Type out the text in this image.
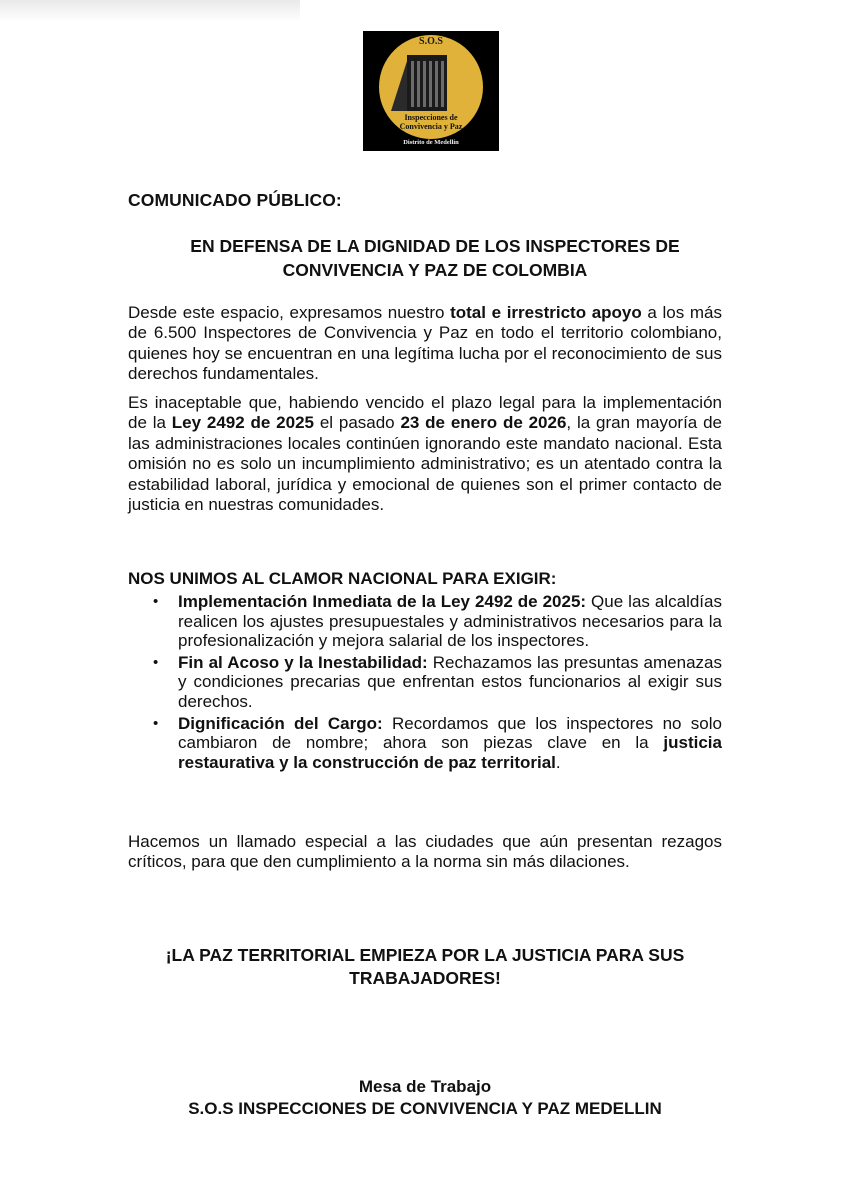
S.O.S
Inspecciones de
Convivencia y Paz
Distrito de Medellín
COMUNICADO PÚBLICO:
EN DEFENSA DE LA DIGNIDAD DE LOS INSPECTORES DE
CONVIVENCIA Y PAZ DE COLOMBIA
Desde este espacio, expresamos nuestro total e irrestricto apoyo a los más de 6.500 Inspectores de Convivencia y Paz en todo el territorio colombiano, quienes hoy se encuentran en una legítima lucha por el reconocimiento de sus derechos fundamentales.
Es inaceptable que, habiendo vencido el plazo legal para la implementación de la Ley 2492 de 2025 el pasado 23 de enero de 2026, la gran mayoría de las administraciones locales continúen ignorando este mandato nacional. Esta omisión no es solo un incumplimiento administrativo; es un atentado contra la estabilidad laboral, jurídica y emocional de quienes son el primer contacto de justicia en nuestras comunidades.
NOS UNIMOS AL CLAMOR NACIONAL PARA EXIGIR:
• Implementación Inmediata de la Ley 2492 de 2025: Que las alcaldías realicen los ajustes presupuestales y administrativos necesarios para la profesionalización y mejora salarial de los inspectores.
• Fin al Acoso y la Inestabilidad: Rechazamos las presuntas amenazas y condiciones precarias que enfrentan estos funcionarios al exigir sus derechos.
• Dignificación del Cargo: Recordamos que los inspectores no solo cambiaron de nombre; ahora son piezas clave en la justicia restaurativa y la construcción de paz territorial.
Hacemos un llamado especial a las ciudades que aún presentan rezagos críticos, para que den cumplimiento a la norma sin más dilaciones.
¡LA PAZ TERRITORIAL EMPIEZA POR LA JUSTICIA PARA SUS
TRABAJADORES!
Mesa de Trabajo
S.O.S INSPECCIONES DE CONVIVENCIA Y PAZ MEDELLIN
